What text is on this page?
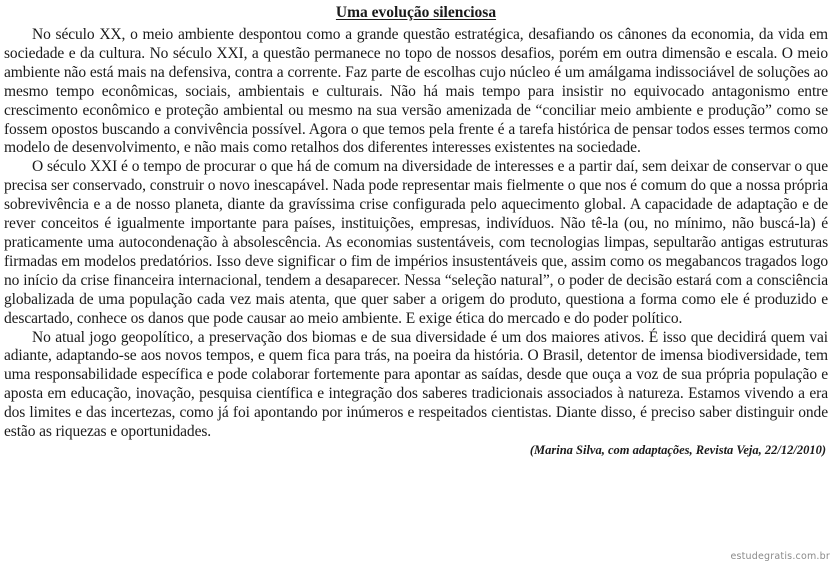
Uma evolução silenciosa

No século XX, o meio ambiente despontou como a grande questão estratégica, desafiando os cânones da economia, da vida em sociedade e da cultura. No século XXI, a questão permanece no topo de nossos desafios, porém em outra dimensão e escala. O meio ambiente não está mais na defensiva, contra a corrente. Faz parte de escolhas cujo núcleo é um amálgama indissociável de soluções ao mesmo tempo econômicas, sociais, ambientais e culturais. Não há mais tempo para insistir no equivocado antagonismo entre crescimento econômico e proteção ambiental ou mesmo na sua versão amenizada de “conciliar meio ambiente e produção” como se fossem opostos buscando a convivência possível. Agora o que temos pela frente é a tarefa histórica de pensar todos esses termos como modelo de desenvolvimento, e não mais como retalhos dos diferentes interesses existentes na sociedade.

O século XXI é o tempo de procurar o que há de comum na diversidade de interesses e a partir daí, sem deixar de conservar o que precisa ser conservado, construir o novo inescapável. Nada pode representar mais fielmente o que nos é comum do que a nossa própria sobrevivência e a de nosso planeta, diante da gravíssima crise configurada pelo aquecimento global. A capacidade de adaptação e de rever conceitos é igualmente importante para países, instituições, empresas, indivíduos. Não tê-la (ou, no mínimo, não buscá-la) é praticamente uma autocondenação à absolescência. As economias sustentáveis, com tecnologias limpas, sepultarão antigas estruturas firmadas em modelos predatórios. Isso deve significar o fim de impérios insustentáveis que, assim como os megabancos tragados logo no início da crise financeira internacional, tendem a desaparecer. Nessa “seleção natural”, o poder de decisão estará com a consciência globalizada de uma população cada vez mais atenta, que quer saber a origem do produto, questiona a forma como ele é produzido e descartado, conhece os danos que pode causar ao meio ambiente. E exige ética do mercado e do poder político.

No atual jogo geopolítico, a preservação dos biomas e de sua diversidade é um dos maiores ativos. É isso que decidirá quem vai adiante, adaptando-se aos novos tempos, e quem fica para trás, na poeira da história. O Brasil, detentor de imensa biodiversidade, tem uma responsabilidade específica e pode colaborar fortemente para apontar as saídas, desde que ouça a voz de sua própria população e aposta em educação, inovação, pesquisa científica e integração dos saberes tradicionais associados à natureza. Estamos vivendo a era dos limites e das incertezas, como já foi apontando por inúmeros e respeitados cientistas. Diante disso, é preciso saber distinguir onde estão as riquezas e oportunidades.

(Marina Silva, com adaptações, Revista Veja, 22/12/2010)

estudegratis.com.br
